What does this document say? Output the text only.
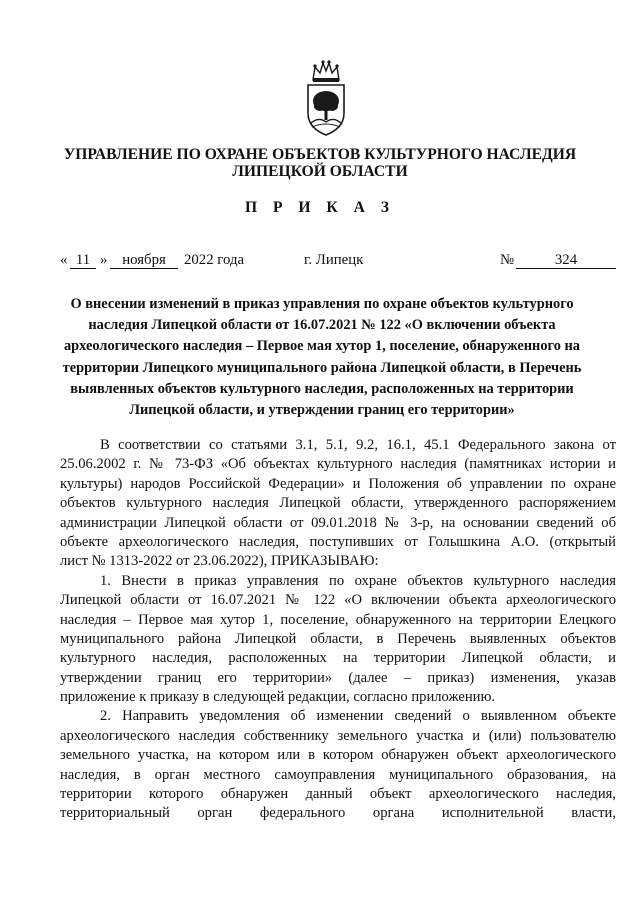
УПРАВЛЕНИЕ ПО ОХРАНЕ ОБЪЕКТОВ КУЛЬТУРНОГО НАСЛЕДИЯ
ЛИПЕЦКОЙ ОБЛАСТИ
П Р И К А З
« 11 » ноября	2022 года	г. Липецк	№	324
О внесении изменений в приказ управления по охране объектов культурного
наследия Липецкой области от 16.07.2021 № 122 «О включении объекта
археологического наследия – Первое мая хутор 1, поселение, обнаруженного на
территории Липецкого муниципального района Липецкой области, в Перечень
выявленных объектов культурного наследия, расположенных на территории
Липецкой области, и утверждении границ его территории»
В соответствии со статьями 3.1, 5.1, 9.2, 16.1, 45.1 Федерального закона от
25.06.2002 г. № 73-ФЗ «Об объектах культурного наследия (памятниках истории и
культуры) народов Российской Федерации» и Положения об управлении по охране
объектов культурного наследия Липецкой области, утвержденного распоряжением
администрации Липецкой области от 09.01.2018 № 3-р, на основании сведений об
объекте археологического наследия, поступивших от Голышкина А.О. (открытый
лист № 1313-2022 от 23.06.2022), ПРИКАЗЫВАЮ:
1. Внести в приказ управления по охране объектов культурного наследия
Липецкой области от 16.07.2021 № 122 «О включении объекта археологического
наследия – Первое мая хутор 1, поселение, обнаруженного на территории Елецкого
муниципального района Липецкой области, в Перечень выявленных объектов
культурного наследия, расположенных на территории Липецкой области, и
утверждении границ его территории» (далее – приказ) изменения, указав
приложение к приказу в следующей редакции, согласно приложению.
2. Направить уведомления об изменении сведений о выявленном объекте
археологического наследия собственнику земельного участка и (или) пользователю
земельного участка, на котором или в котором обнаружен объект археологического
наследия, в орган местного самоуправления муниципального образования, на
территории которого обнаружен данный объект археологического наследия,
территориальный орган федерального органа исполнительной власти,
